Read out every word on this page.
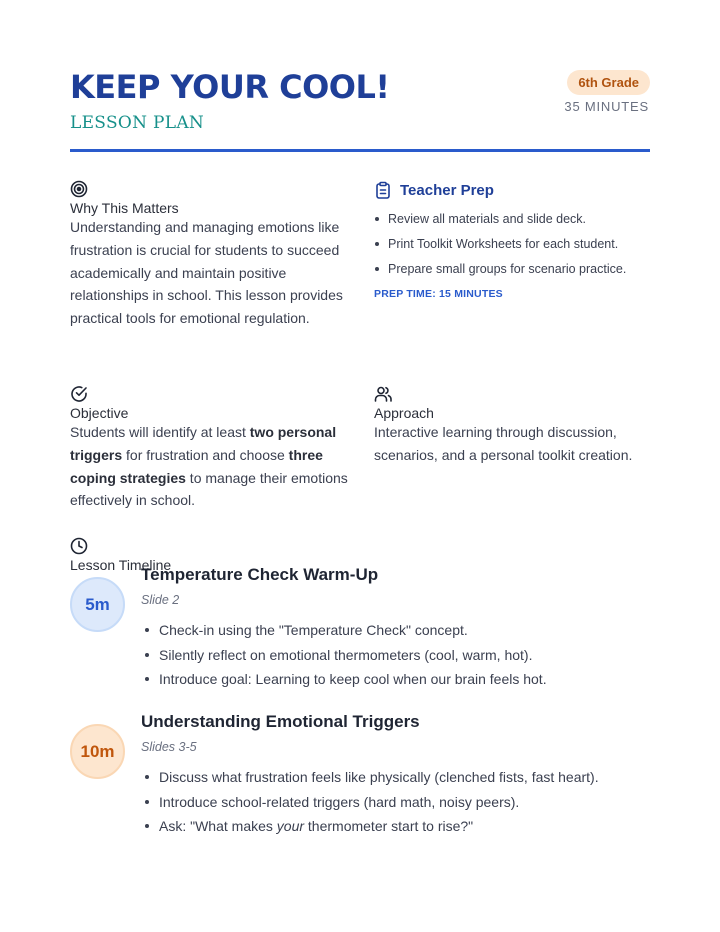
KEEP YOUR COOL!
LESSON PLAN
6th Grade
35 MINUTES
Why This Matters
Understanding and managing emotions like frustration is crucial for students to succeed academically and maintain positive relationships in school. This lesson provides practical tools for emotional regulation.
Teacher Prep
Review all materials and slide deck.
Print Toolkit Worksheets for each student.
Prepare small groups for scenario practice.
PREP TIME: 15 MINUTES
Objective
Students will identify at least two personal triggers for frustration and choose three coping strategies to manage their emotions effectively in school.
Approach
Interactive learning through discussion, scenarios, and a personal toolkit creation.
Lesson Timeline
5m
Temperature Check Warm-Up
Slide 2
Check-in using the "Temperature Check" concept.
Silently reflect on emotional thermometers (cool, warm, hot).
Introduce goal: Learning to keep cool when our brain feels hot.
10m
Understanding Emotional Triggers
Slides 3-5
Discuss what frustration feels like physically (clenched fists, fast heart).
Introduce school-related triggers (hard math, noisy peers).
Ask: "What makes your thermometer start to rise?"
